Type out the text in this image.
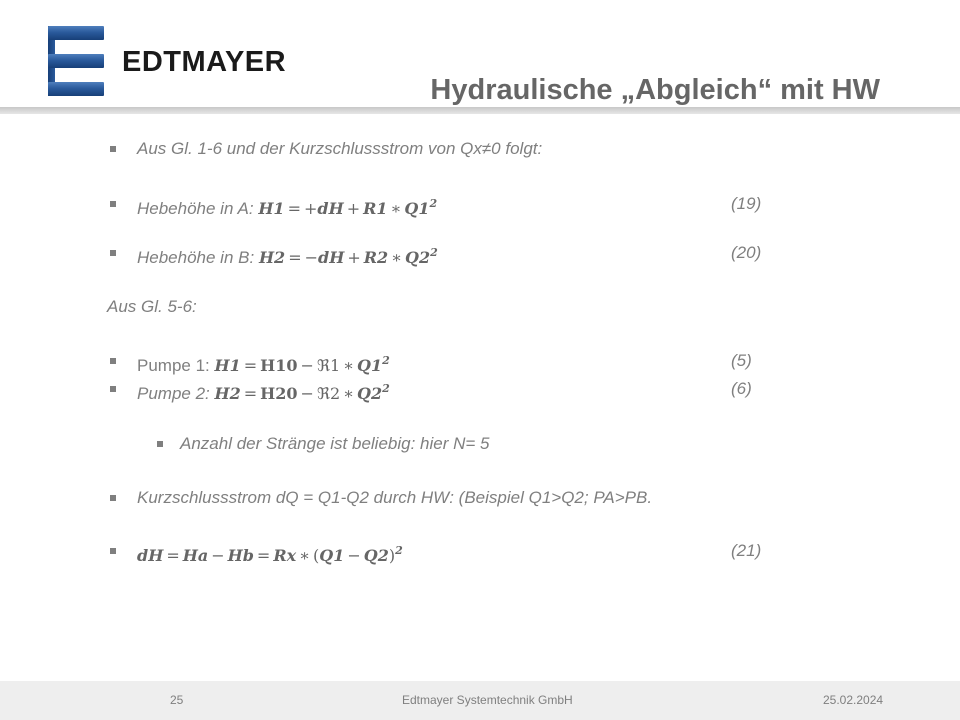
EDTMAYER
Hydraulische „Abgleich“ mit HW
Aus Gl. 1-6 und der Kurzschlussstrom von Qx≠0 folgt:
Hebehöhe in A: H1 = +dH + R1 ∗ $Q1^2$	(19)
Hebehöhe in B: H2 = −dH + R2 ∗ $Q2^2$	(20)
Aus Gl. 5-6:
Pumpe 1: H1 = H10 − ℜ1 ∗ $Q1^2$	(5)
Pumpe 2: H2 = H20 − ℜ2 ∗ $Q2^2$	(6)
Anzahl der Stränge ist beliebig: hier N= 5
Kurzschlussstrom dQ = Q1-Q2 durch HW: (Beispiel Q1>Q2; PA>PB.
dH = Ha − Hb = Rx ∗ $(Q1 - Q2)^2$	(21)
25	Edtmayer Systemtechnik GmbH	25.02.2024
